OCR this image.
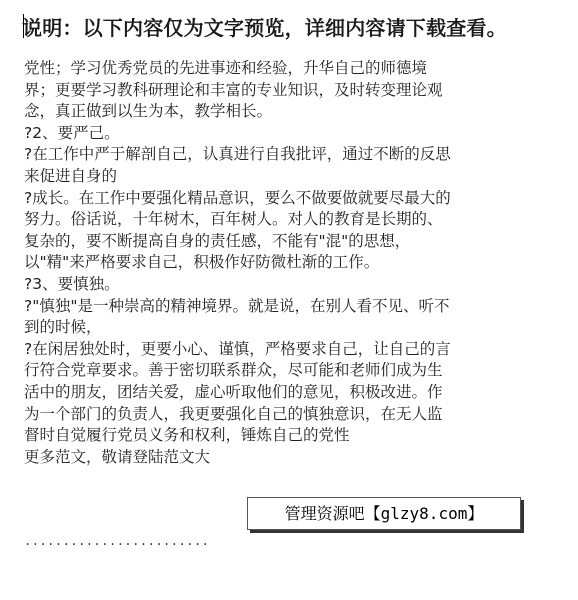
说明：以下内容仅为文字预览，详细内容请下载查看。
党性；学习优秀党员的先进事迹和经验，升华自己的师德境
界；更要学习教科研理论和丰富的专业知识，及时转变理论观
念，真正做到以生为本，教学相长。
?2、要严己。
?在工作中严于解剖自己，认真进行自我批评，通过不断的反思
来促进自身的
?成长。在工作中要强化精品意识，要么不做要做就要尽最大的
努力。俗话说，十年树木，百年树人。对人的教育是长期的、
复杂的，要不断提高自身的责任感，不能有"混"的思想，
以"精"来严格要求自己，积极作好防微杜渐的工作。
?3、要慎独。
?"慎独"是一种崇高的精神境界。就是说，在别人看不见、听不
到的时候，
?在闲居独处时，更要小心、谨慎，严格要求自己，让自己的言
行符合党章要求。善于密切联系群众，尽可能和老师们成为生
活中的朋友，团结关爱，虚心听取他们的意见，积极改进。作
为一个部门的负责人，我更要强化自己的慎独意识，在无人监
督时自觉履行党员义务和权利，锤炼自己的党性
更多范文，敬请登陆范文大
管理资源吧【glzy8.com】
........................
